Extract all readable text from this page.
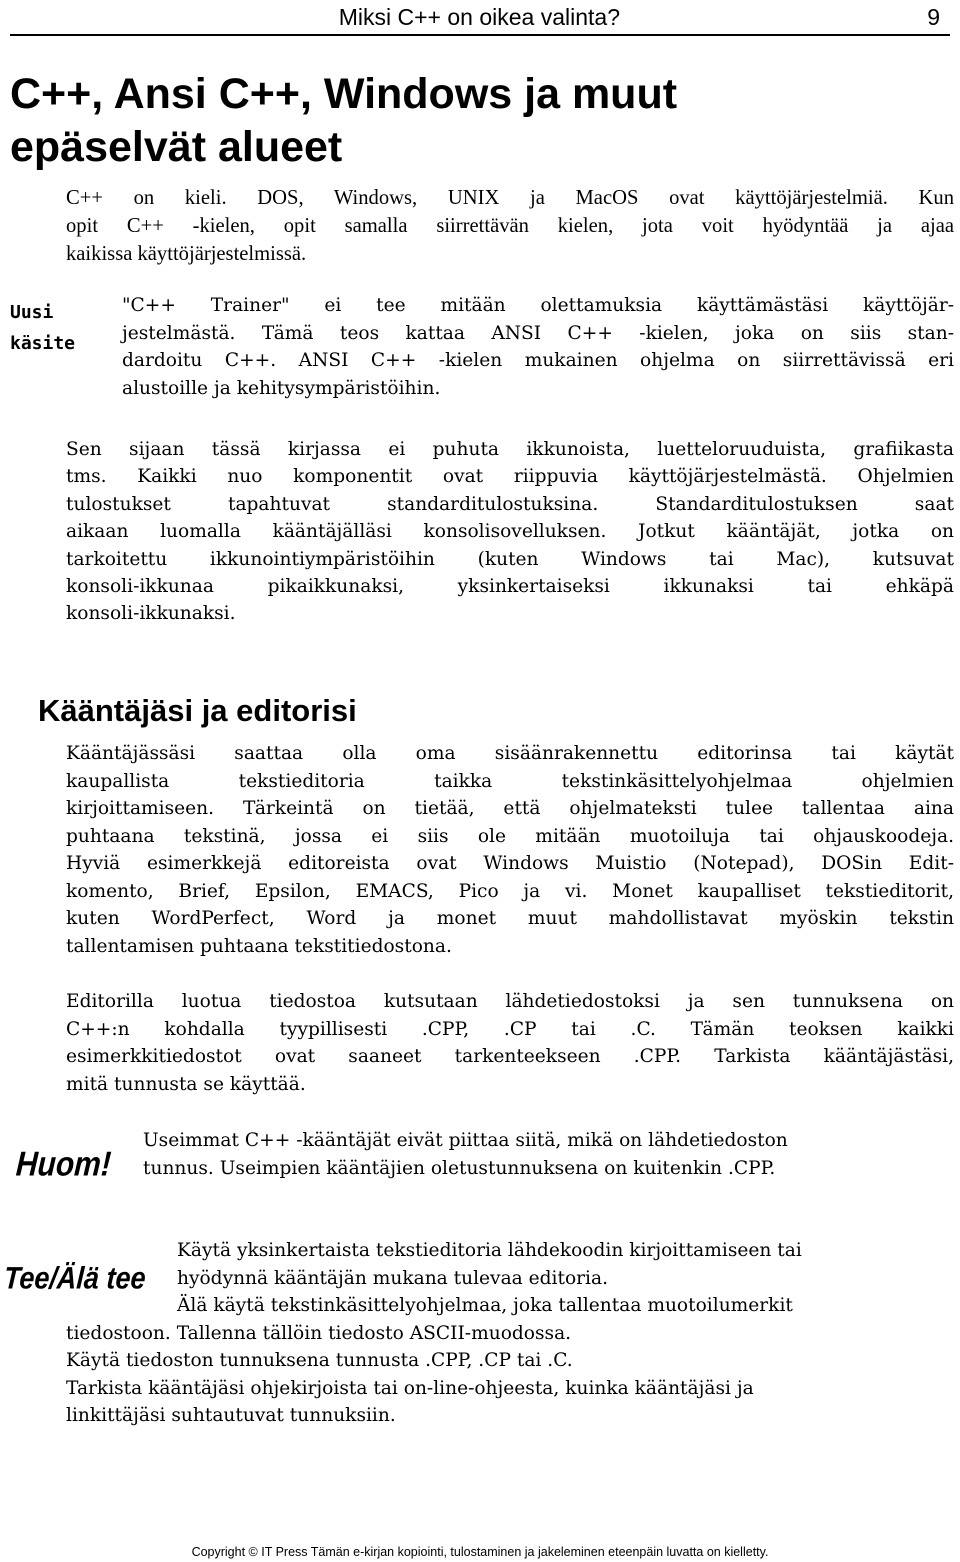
Miksi C++ on oikea valinta?	9
C++, Ansi C++, Windows ja muut
epäselvät alueet
C++ on kieli. DOS, Windows, UNIX ja MacOS ovat käyttöjärjestelmiä. Kun
opit C++ -kielen, opit samalla siirrettävän kielen, jota voit hyödyntää ja ajaa
kaikissa käyttöjärjestelmissä.
Uusi
käsite
"C++ Trainer" ei tee mitään olettamuksia käyttämästäsi käyttöjär-
jestelmästä. Tämä teos kattaa ANSI C++ -kielen, joka on siis stan-
dardoitu C++. ANSI C++ -kielen mukainen ohjelma on siirrettävissä eri
alustoille ja kehitysympäristöihin.
Sen sijaan tässä kirjassa ei puhuta ikkunoista, luetteloruuduista, grafiikasta
tms. Kaikki nuo komponentit ovat riippuvia käyttöjärjestelmästä. Ohjelmien
tulostukset tapahtuvat standarditulostuksina. Standarditulostuksen saat
aikaan luomalla kääntäjälläsi konsolisovelluksen. Jotkut kääntäjät, jotka on
tarkoitettu ikkunointiympäristöihin (kuten Windows tai Mac), kutsuvat
konsoli-ikkunaa pikaikkunaksi, yksinkertaiseksi ikkunaksi tai ehkäpä
konsoli-ikkunaksi.
Kääntäjäsi ja editorisi
Kääntäjässäsi saattaa olla oma sisäänrakennettu editorinsa tai käytät
kaupallista tekstieditoria taikka tekstinkäsittelyohjelmaa ohjelmien
kirjoittamiseen. Tärkeintä on tietää, että ohjelmateksti tulee tallentaa aina
puhtaana tekstinä, jossa ei siis ole mitään muotoiluja tai ohjauskoodeja.
Hyviä esimerkkejä editoreista ovat Windows Muistio (Notepad), DOSin Edit-
komento, Brief, Epsilon, EMACS, Pico ja vi. Monet kaupalliset tekstieditorit,
kuten WordPerfect, Word ja monet muut mahdollistavat myöskin tekstin
tallentamisen puhtaana tekstitiedostona.
Editorilla luotua tiedostoa kutsutaan lähdetiedostoksi ja sen tunnuksena on
C++:n kohdalla tyypillisesti .CPP, .CP tai .C. Tämän teoksen kaikki
esimerkkitiedostot ovat saaneet tarkenteekseen .CPP. Tarkista kääntäjästäsi,
mitä tunnusta se käyttää.
Huom!
Useimmat C++ -kääntäjät eivät piittaa siitä, mikä on lähdetiedoston
tunnus. Useimpien kääntäjien oletustunnuksena on kuitenkin .CPP.
Tee/Älä tee
Käytä yksinkertaista tekstieditoria lähdekoodin kirjoittamiseen tai
hyödynnä kääntäjän mukana tulevaa editoria.
Älä käytä tekstinkäsittelyohjelmaa, joka tallentaa muotoilumerkit
tiedostoon. Tallenna tällöin tiedosto ASCII-muodossa.
Käytä tiedoston tunnuksena tunnusta .CPP, .CP tai .C.
Tarkista kääntäjäsi ohjekirjoista tai on-line-ohjeesta, kuinka kääntäjäsi ja
linkittäjäsi suhtautuvat tunnuksiin.
Copyright © IT Press Tämän e-kirjan kopiointi, tulostaminen ja jakeleminen eteenpäin luvatta on kielletty.
